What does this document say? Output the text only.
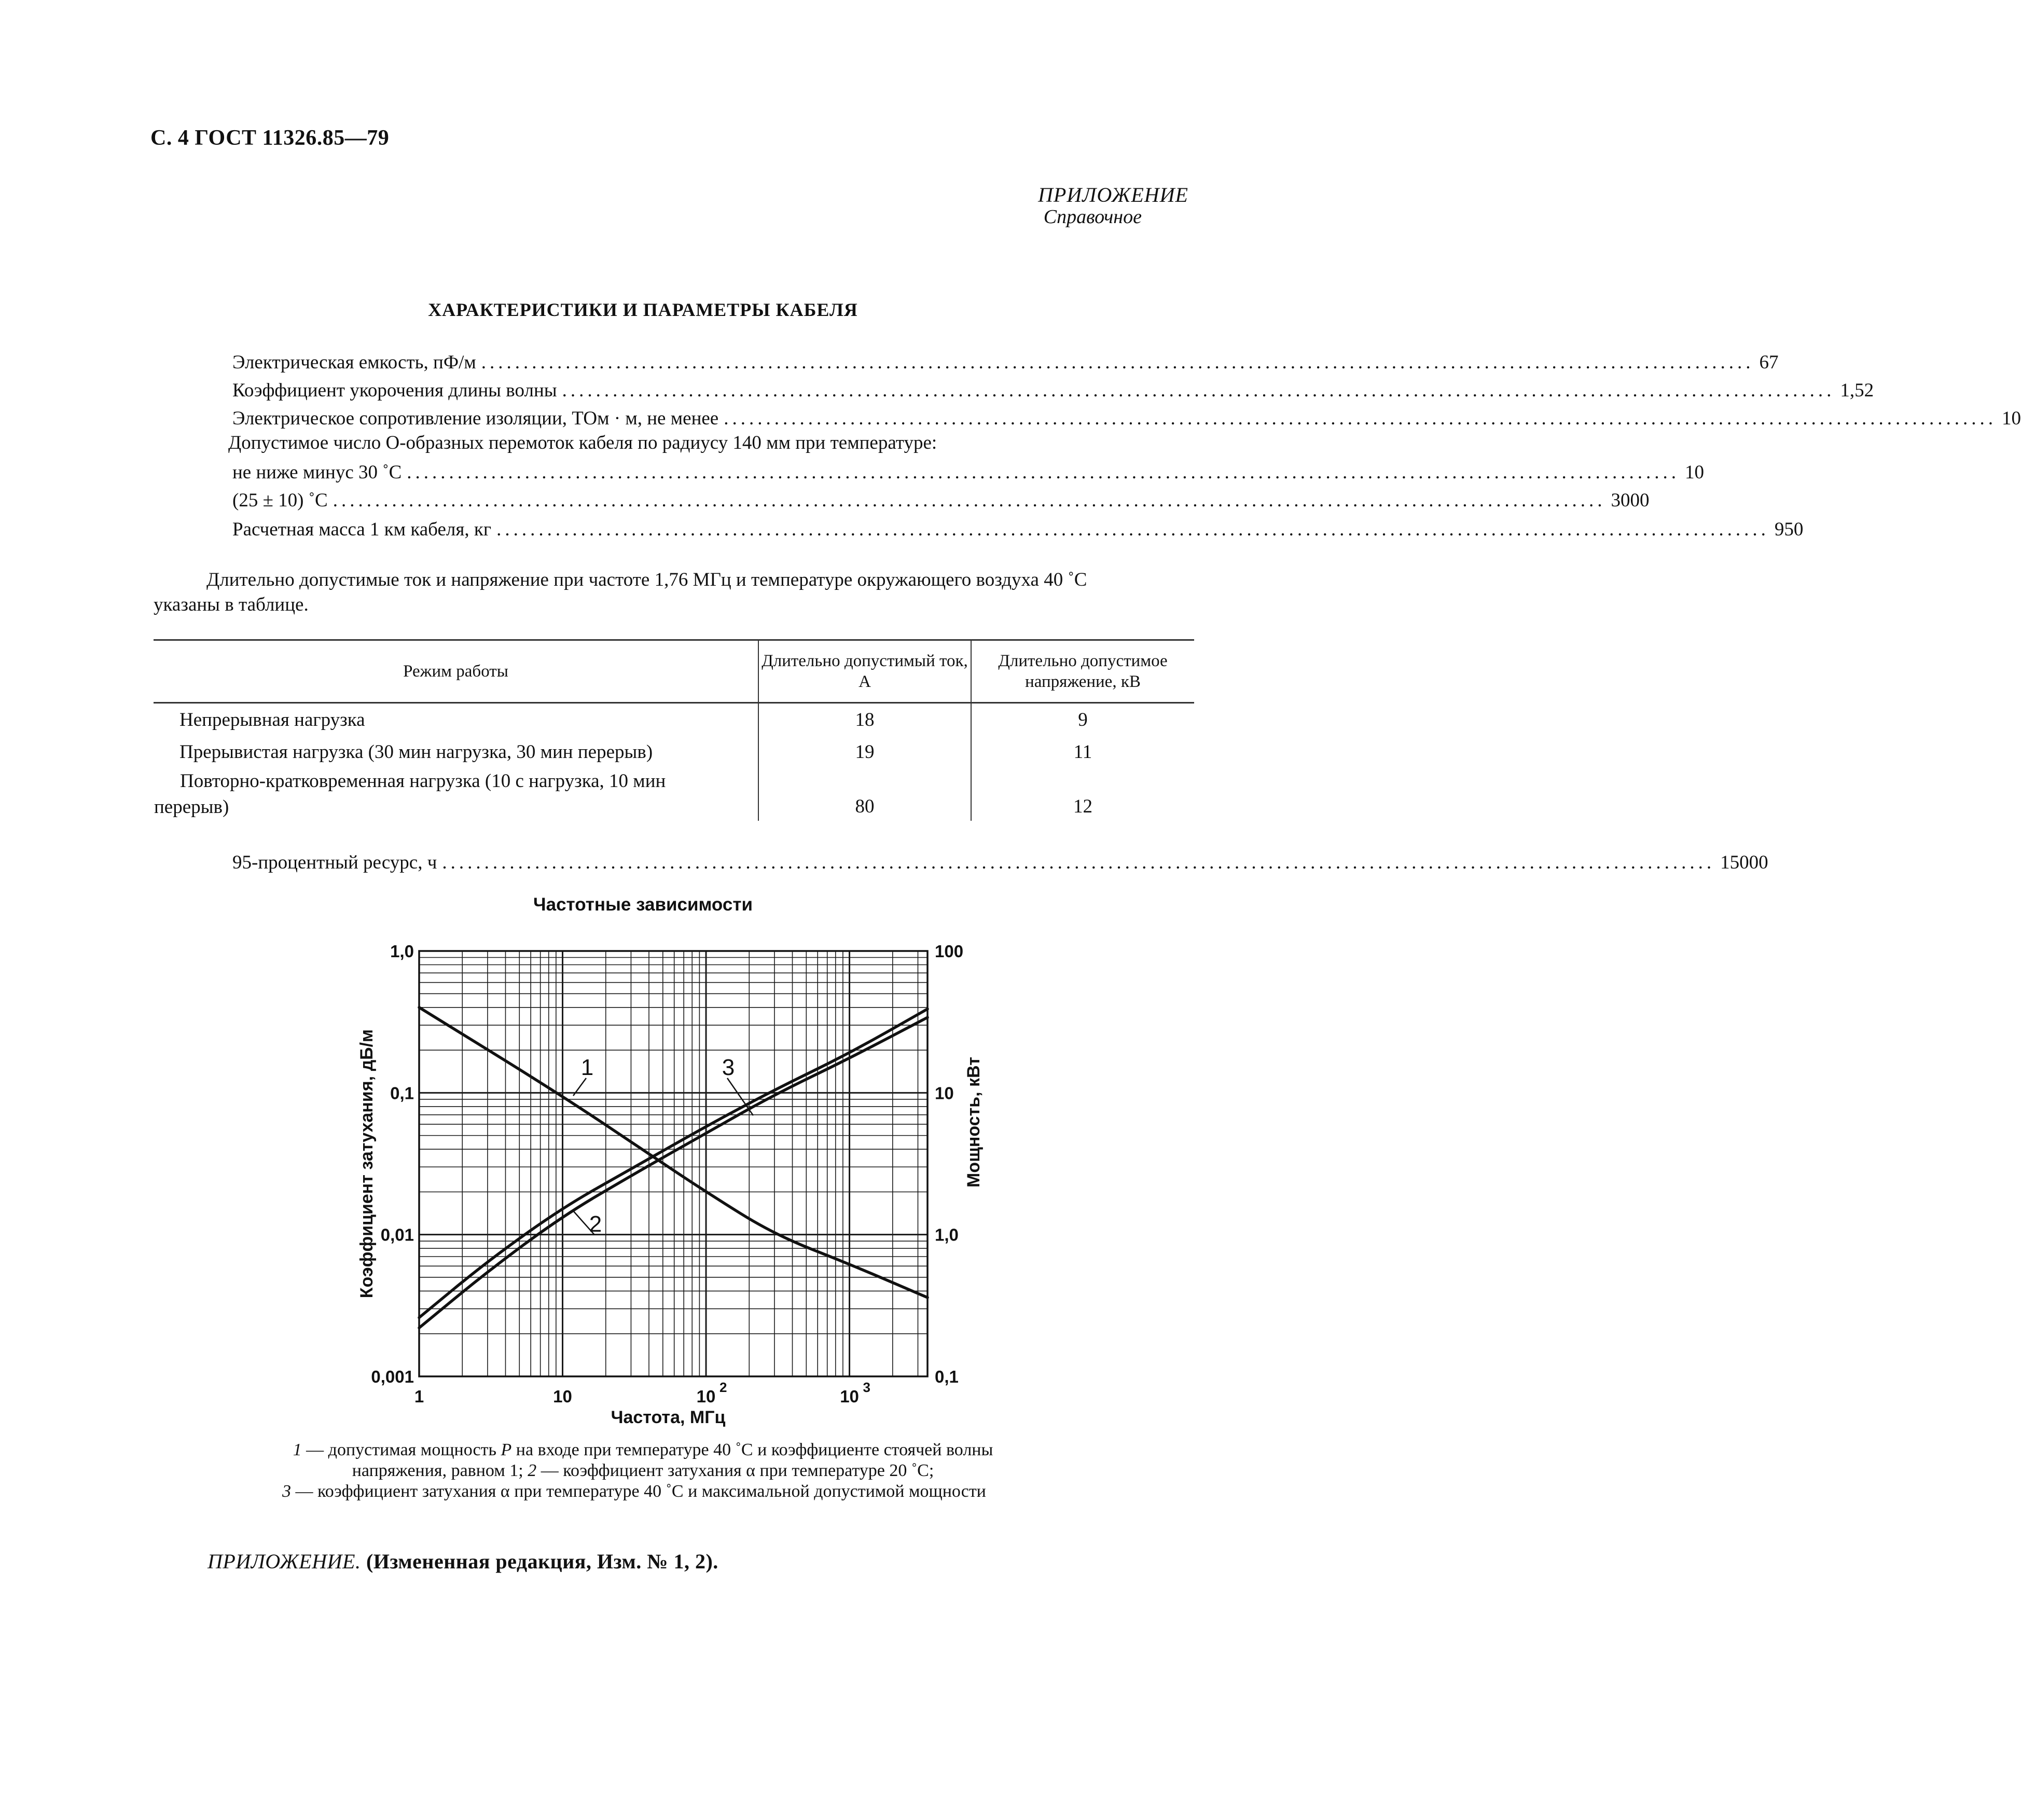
С. 4 ГОСТ 11326.85—79
ПРИЛОЖЕНИЕ
Справочное
ХАРАКТЕРИСТИКИ И ПАРАМЕТРЫ КАБЕЛЯ
Электрическая емкость, пФ/м ....................................................................................................................................................... 67
Коэффициент укорочения длины волны ....................................................................................................................................................... 1,52
Электрическое сопротивление изоляции, ТОм · м, не менее ....................................................................................................................................................... 10
Допустимое число О-образных перемоток кабеля по радиусу 140 мм при температуре:
не ниже минус 30 ˚С ....................................................................................................................................................... 10
(25 ± 10) ˚С ....................................................................................................................................................... 3000
Расчетная масса 1 км кабеля, кг ....................................................................................................................................................... 950
Длительно допустимые ток и напряжение при частоте 1,76 МГц и температуре окружающего воздуха 40 ˚С
указаны в таблице.
Режим работы	Длительно допустимый ток, А	Длительно допустимое напряжение, кВ
Непрерывная нагрузка	18	9
Прерывистая нагрузка (30 мин нагрузка, 30 мин перерыв)	19	11
Повторно-кратковременная нагрузка (10 с нагрузка, 10 мин
перерыв)	80	12
95-процентный ресурс, ч ....................................................................................................................................................... 15000
Частотные зависимости
1	10	10 2	10 3
0,001
0,01
0,1
1,0
0,1
1,0
10
100
Частота, МГц
Коэффициент затухания, дБ/м	Мощность, кВт
1	3
2
1 — допустимая мощность P на входе при температуре 40 ˚С и коэффициенте стоячей волны
напряжения, равном 1; 2 — коэффициент затухания α при температуре 20 ˚С;
3 — коэффициент затухания α при температуре 40 ˚С и максимальной допустимой мощности
ПРИЛОЖЕНИЕ. (Измененная редакция, Изм. № 1, 2).
